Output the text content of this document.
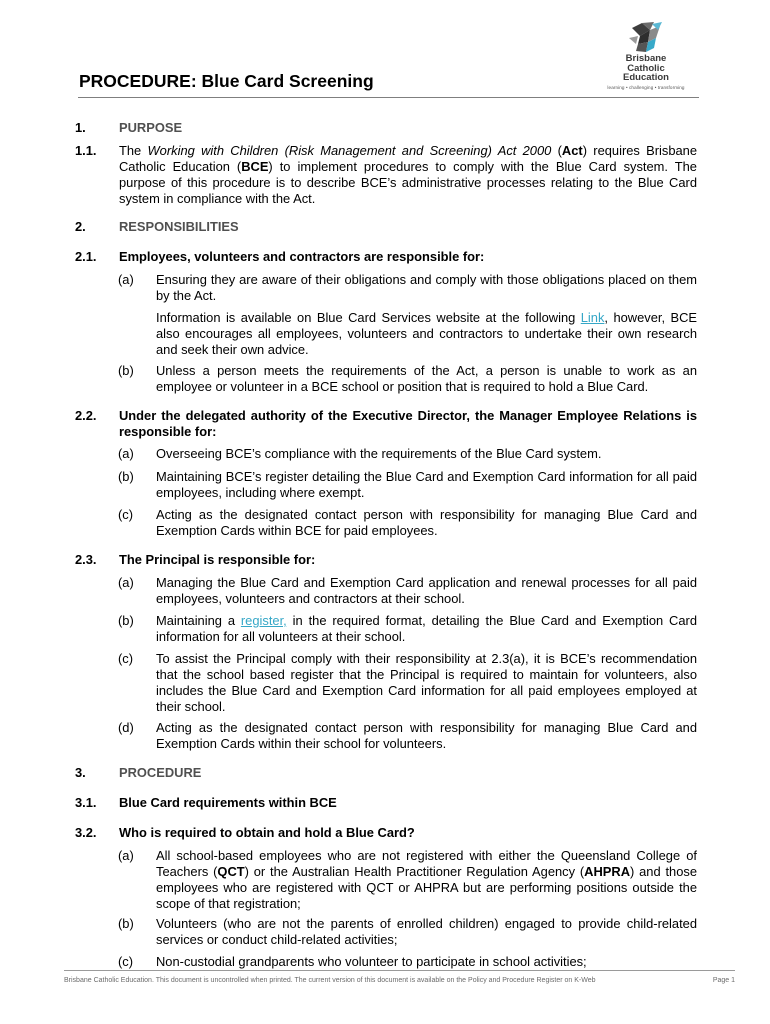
Brisbane
Catholic
Education
learning • challenging • transforming
PROCEDURE: Blue Card Screening
1.	PURPOSE
1.1. The Working with Children (Risk Management and Screening) Act 2000 (Act) requires Brisbane Catholic Education (BCE) to implement procedures to comply with the Blue Card system. The purpose of this procedure is to describe BCE’s administrative processes relating to the Blue Card system in compliance with the Act.
2.	RESPONSIBILITIES
2.1. Employees, volunteers and contractors are responsible for:
(a) Ensuring they are aware of their obligations and comply with those obligations placed on them by the Act.
Information is available on Blue Card Services website at the following Link, however, BCE also encourages all employees, volunteers and contractors to undertake their own research and seek their own advice.
(b) Unless a person meets the requirements of the Act, a person is unable to work as an employee or volunteer in a BCE school or position that is required to hold a Blue Card.
2.2. Under the delegated authority of the Executive Director, the Manager Employee Relations is responsible for:
(a) Overseeing BCE’s compliance with the requirements of the Blue Card system.
(b) Maintaining BCE’s register detailing the Blue Card and Exemption Card information for all paid employees, including where exempt.
(c) Acting as the designated contact person with responsibility for managing Blue Card and Exemption Cards within BCE for paid employees.
2.3. The Principal is responsible for:
(a) Managing the Blue Card and Exemption Card application and renewal processes for all paid employees, volunteers and contractors at their school.
(b) Maintaining a register, in the required format, detailing the Blue Card and Exemption Card information for all volunteers at their school.
(c) To assist the Principal comply with their responsibility at 2.3(a), it is BCE’s recommendation that the school based register that the Principal is required to maintain for volunteers, also includes the Blue Card and Exemption Card information for all paid employees employed at their school.
(d) Acting as the designated contact person with responsibility for managing Blue Card and Exemption Cards within their school for volunteers.
3.	PROCEDURE
3.1. Blue Card requirements within BCE
3.2. Who is required to obtain and hold a Blue Card?
(a) All school-based employees who are not registered with either the Queensland College of Teachers (QCT) or the Australian Health Practitioner Regulation Agency (AHPRA) and those employees who are registered with QCT or AHPRA but are performing positions outside the scope of that registration;
(b) Volunteers (who are not the parents of enrolled children) engaged to provide child-related services or conduct child-related activities;
(c) Non-custodial grandparents who volunteer to participate in school activities;
Brisbane Catholic Education. This document is uncontrolled when printed. The current version of this document is available on the Policy and Procedure Register on K-Web	Page 1
